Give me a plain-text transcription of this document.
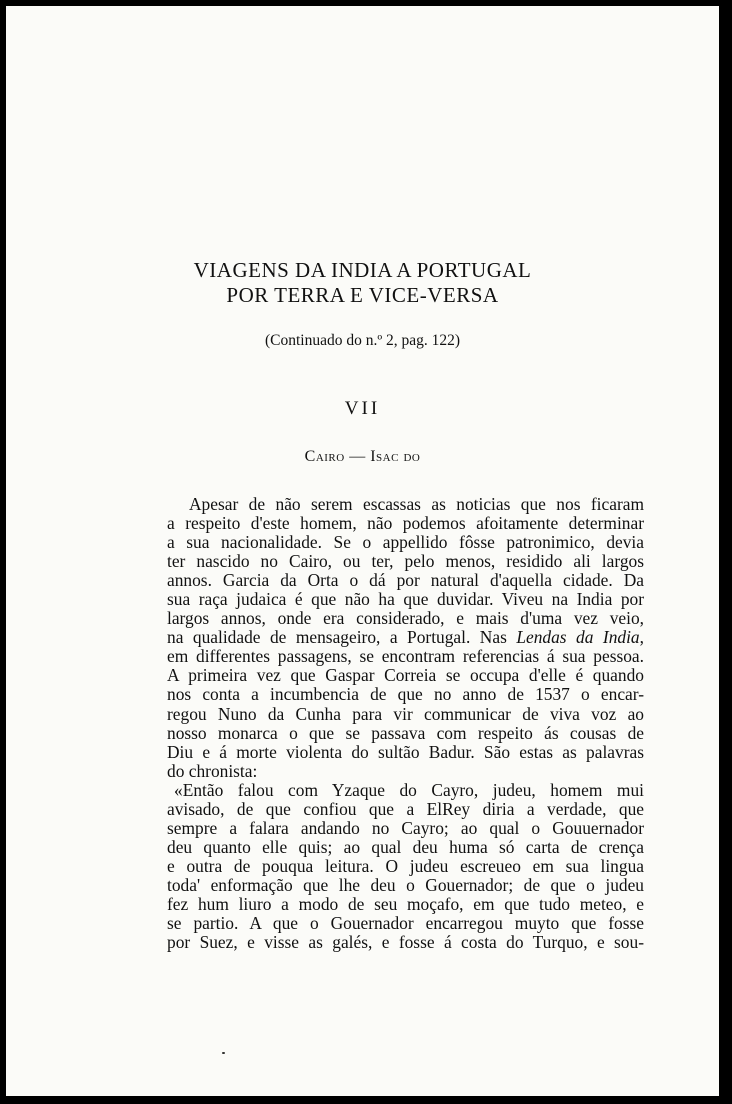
VIAGENS DA INDIA A PORTUGAL
POR TERRA E VICE-VERSA

(Continuado do n.º 2, pag. 122)

VII

Cairo — Isac do

Apesar de não serem escassas as noticias que nos ficaram
a respeito d'este homem, não podemos afoitamente determinar
a sua nacionalidade. Se o appellido fôsse patronimico, devia
ter nascido no Cairo, ou ter, pelo menos, residido ali largos
annos. Garcia da Orta o dá por natural d'aquella cidade. Da
sua raça judaica é que não ha que duvidar. Viveu na India por
largos annos, onde era considerado, e mais d'uma vez veio,
na qualidade de mensageiro, a Portugal. Nas Lendas da India,
em differentes passagens, se encontram referencias á sua pessoa.
A primeira vez que Gaspar Correia se occupa d'elle é quando
nos conta a incumbencia de que no anno de 1537 o encar-
regou Nuno da Cunha para vir communicar de viva voz ao
nosso monarca o que se passava com respeito ás cousas de
Diu e á morte violenta do sultão Badur. São estas as palavras
do chronista:
«Então falou com Yzaque do Cayro, judeu, homem mui
avisado, de que confiou que a ElRey diria a verdade, que
sempre a falara andando no Cayro; ao qual o Gouuernador
deu quanto elle quis; ao qual deu huma só carta de crença
e outra de pouqua leitura. O judeu escreueo em sua lingua
toda' enformação que lhe deu o Gouernador; de que o judeu
fez hum liuro a modo de seu moçafo, em que tudo meteo, e
se partio. A que o Gouernador encarregou muyto que fosse
por Suez, e visse as galés, e fosse á costa do Turquo, e sou-
